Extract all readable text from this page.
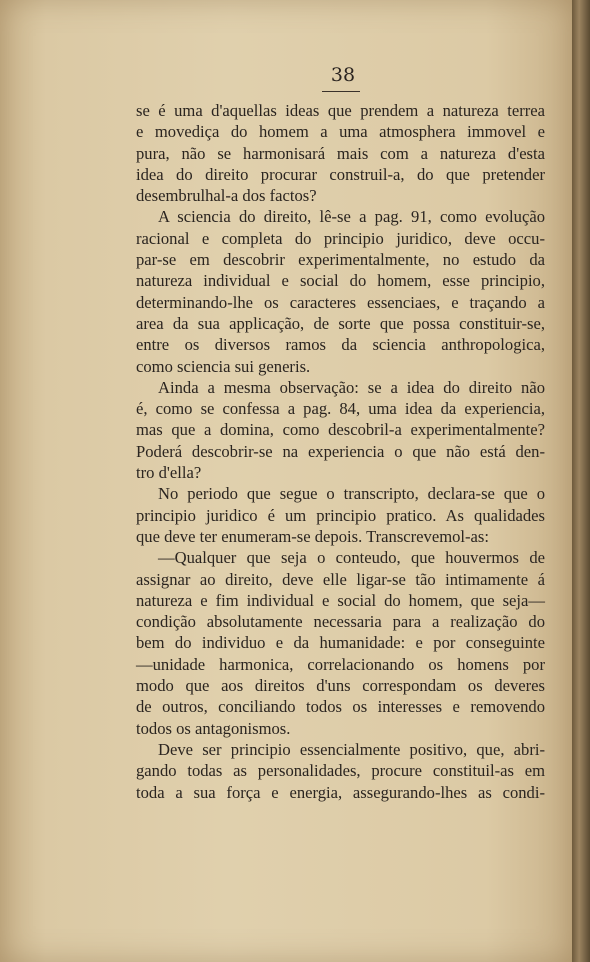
38
se é uma d'aquellas ideas que prendem a natureza terrea
e movediça do homem a uma atmosphera immovel e
pura, não se harmonisará mais com a natureza d'esta
idea do direito procurar construil-a, do que pretender
desembrulhal-a dos factos?
A sciencia do direito, lê-se a pag. 91, como evolução
racional e completa do principio juridico, deve occu-
par-se em descobrir experimentalmente, no estudo da
natureza individual e social do homem, esse principio,
determinando-lhe os caracteres essenciaes, e traçando a
area da sua applicação, de sorte que possa constituir-se,
entre os diversos ramos da sciencia anthropologica,
como sciencia sui generis.
Ainda a mesma observação: se a idea do direito não
é, como se confessa a pag. 84, uma idea da experiencia,
mas que a domina, como descobril-a experimentalmente?
Poderá descobrir-se na experiencia o que não está den-
tro d'ella?
No periodo que segue o transcripto, declara-se que o
principio juridico é um principio pratico. As qualidades
que deve ter enumeram-se depois. Transcrevemol-as:
—Qualquer que seja o conteudo, que houvermos de
assignar ao direito, deve elle ligar-se tão intimamente á
natureza e fim individual e social do homem, que seja—
condição absolutamente necessaria para a realização do
bem do individuo e da humanidade: e por conseguinte
—unidade harmonica, correlacionando os homens por
modo que aos direitos d'uns correspondam os deveres
de outros, conciliando todos os interesses e removendo
todos os antagonismos.
Deve ser principio essencialmente positivo, que, abri-
gando todas as personalidades, procure constituil-as em
toda a sua força e energia, assegurando-lhes as condi-
